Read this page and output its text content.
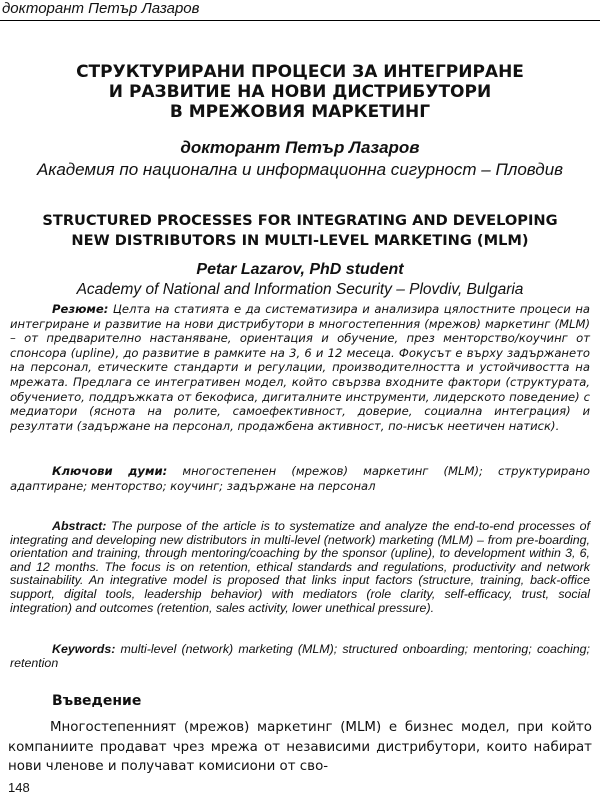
докторант Петър Лазаров
СТРУКТУРИРАНИ ПРОЦЕСИ ЗА ИНТЕГРИРАНЕ
И РАЗВИТИЕ НА НОВИ ДИСТРИБУТОРИ
В МРЕЖОВИЯ МАРКЕТИНГ
докторант Петър Лазаров
Академия по национална и информационна сигурност – Пловдив
STRUCTURED PROCESSES FOR INTEGRATING AND DEVELOPING
NEW DISTRIBUTORS IN MULTI-LEVEL MARKETING (MLM)
Petar Lazarov, PhD student
Academy of National and Information Security – Plovdiv, Bulgaria
Резюме: Целта на статията е да систематизира и анализира цялостните процеси на интегриране и развитие на нови дистрибутори в многостепенния (мрежов) маркетинг (MLM) – от предварително настаняване, ориентация и обучение, през менторство/коучинг от спонсора (upline), до развитие в рамките на 3, 6 и 12 месеца. Фокусът е върху задържането на персонал, етическите стандарти и регулации, производителността и устойчивостта на мрежата. Предлага се интегративен модел, който свързва входните фактори (структурата, обучението, поддръжката от бекофиса, дигиталните инструменти, лидерското поведение) с медиатори (яснота на ролите, самоефективност, доверие, социална интеграция) и резултати (задържане на персонал, продажбена активност, по-нисък неетичен натиск).
Ключови думи: многостепенен (мрежов) маркетинг (MLM); структурирано адаптиране; менторство; коучинг; задържане на персонал
Abstract: The purpose of the article is to systematize and analyze the end-to-end processes of integrating and developing new distributors in multi-level (network) marketing (MLM) – from pre-boarding, orientation and training, through mentoring/coaching by the sponsor (upline), to development within 3, 6, and 12 months. The focus is on retention, ethical standards and regulations, productivity and network sustainability. An integrative model is proposed that links input factors (structure, training, back-office support, digital tools, leadership behavior) with mediators (role clarity, self-efficacy, trust, social integration) and outcomes (retention, sales activity, lower unethical pressure).
Keywords: multi-level (network) marketing (MLM); structured onboarding; mentoring; coaching; retention
Въведение
Многостепенният (мрежов) маркетинг (MLM) е бизнес модел, при който компаниите продават чрез мрежа от независими дистрибутори, които набират нови членове и получават комисиони от сво-
148
